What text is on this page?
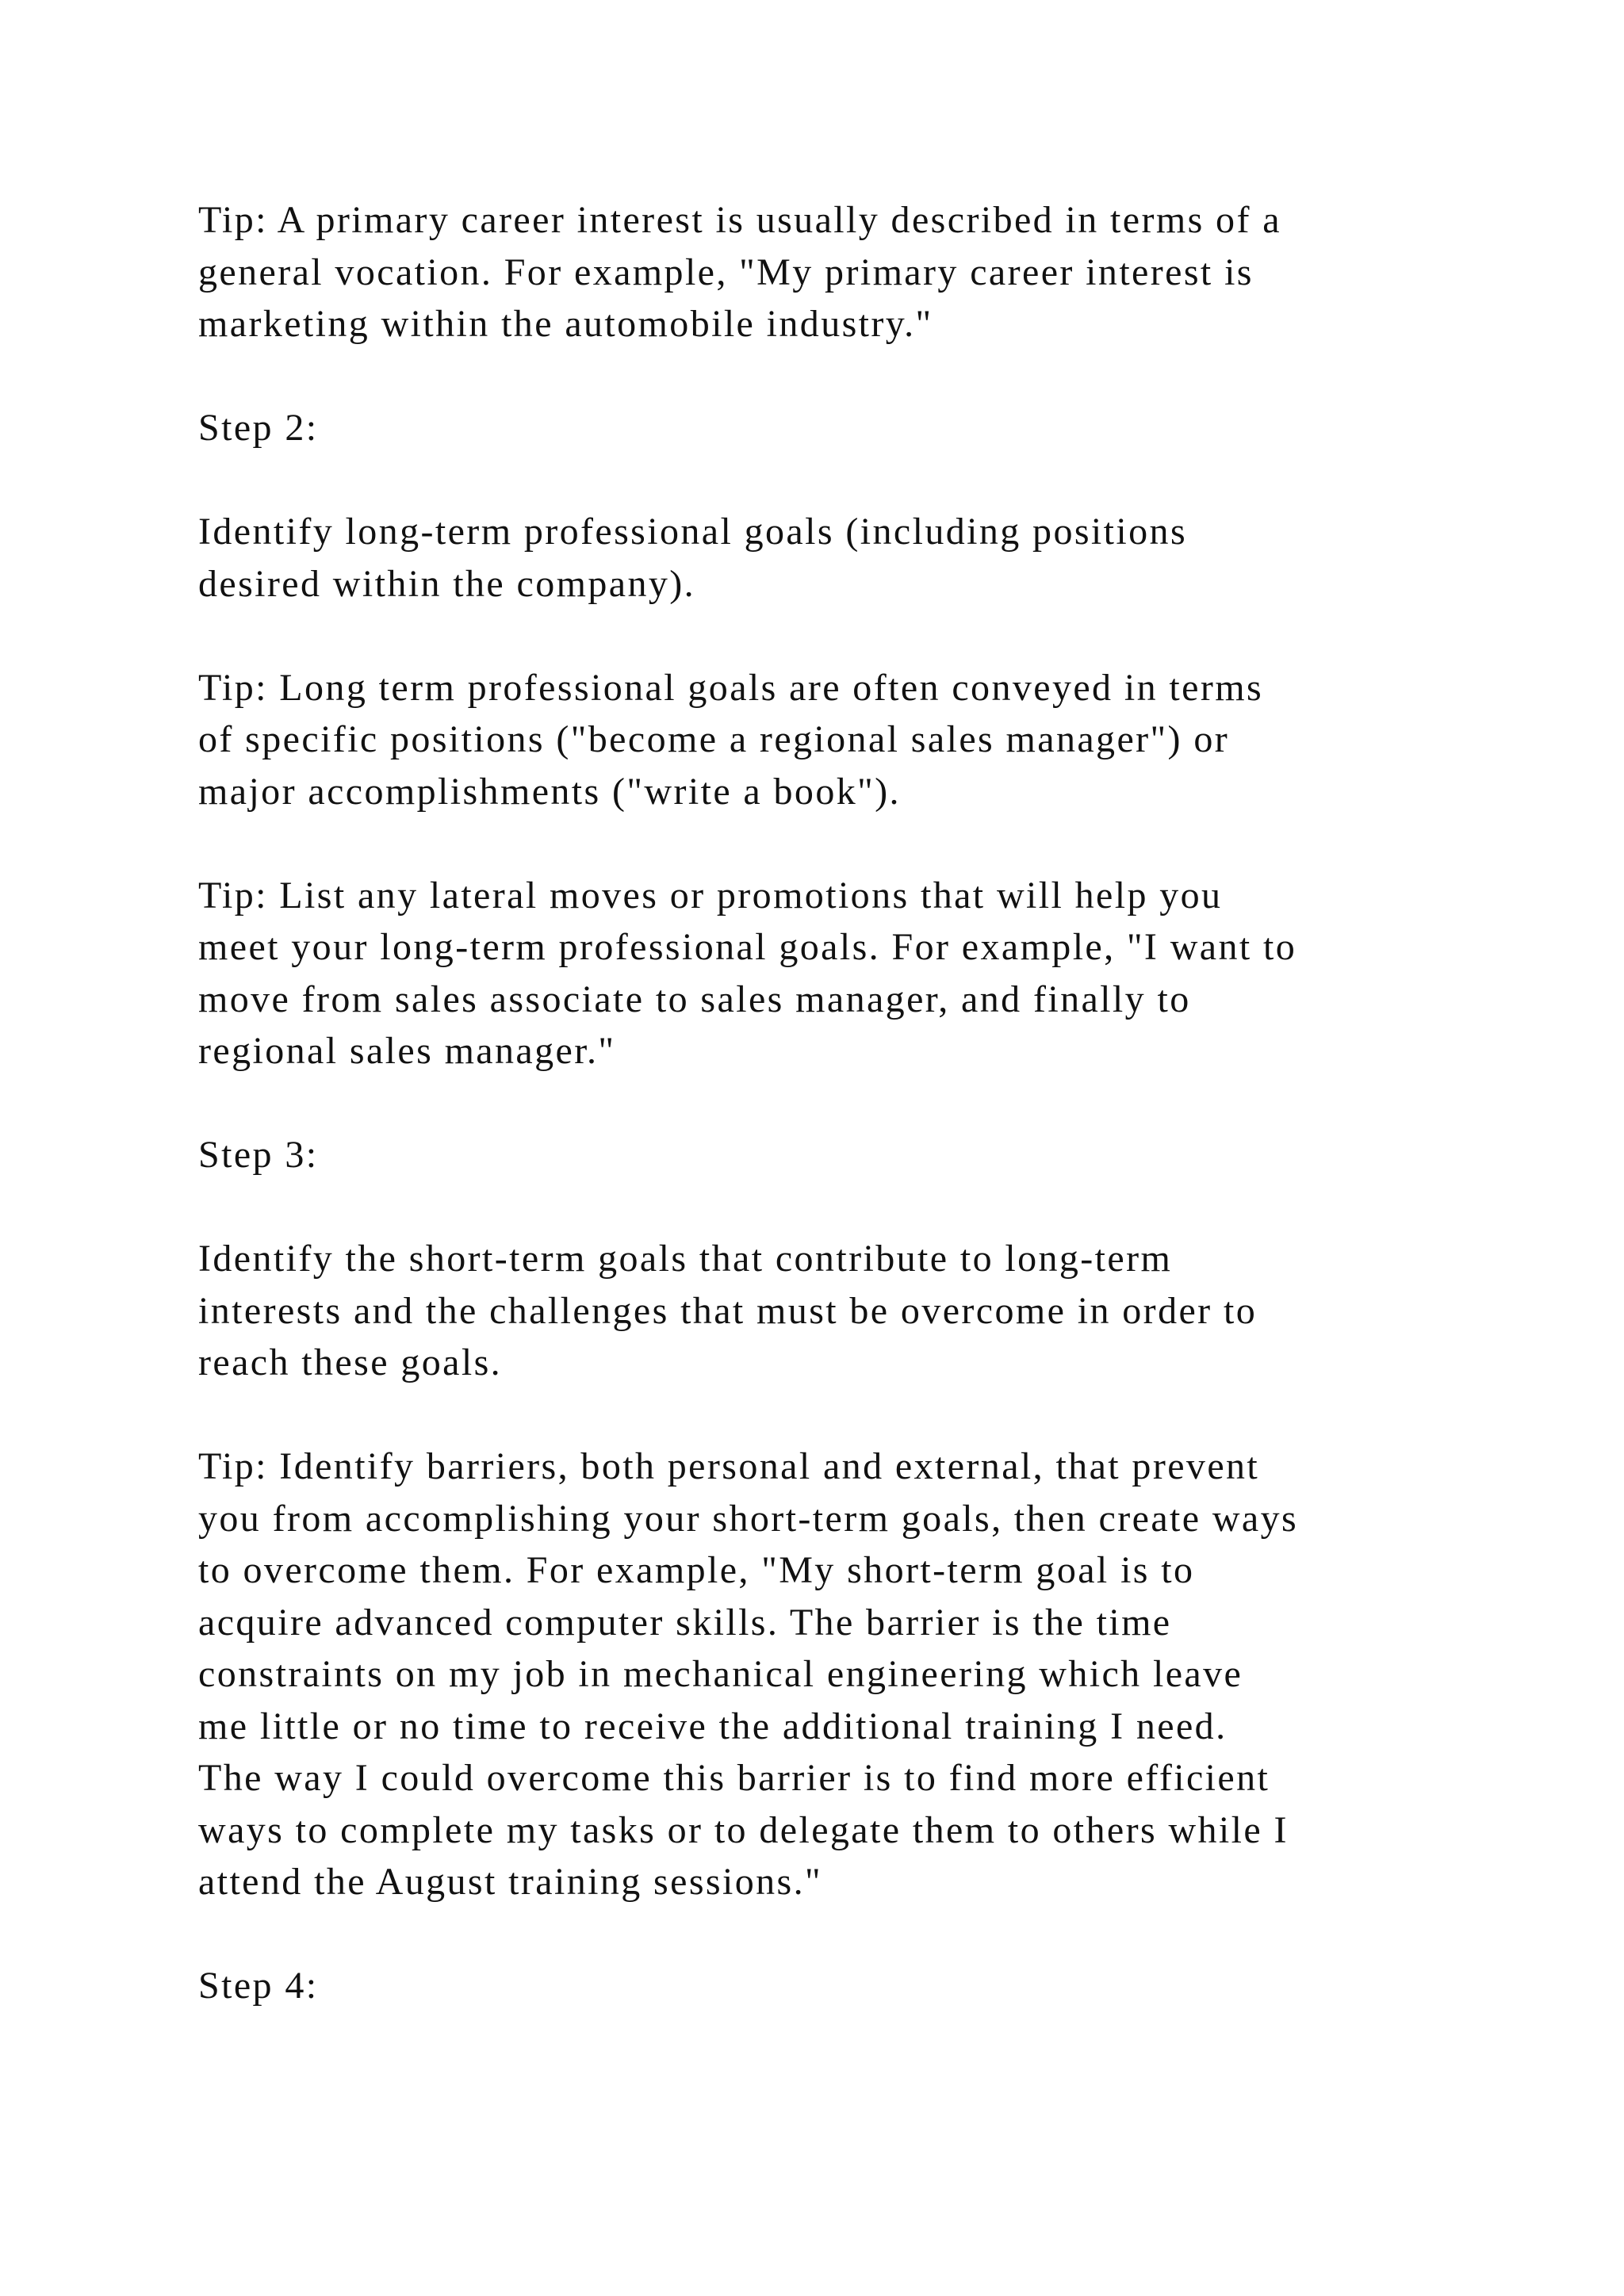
Tip: A primary career interest is usually described in terms of a
general vocation. For example, "My primary career interest is
marketing within the automobile industry."

Step 2:

Identify long-term professional goals (including positions
desired within the company).

Tip: Long term professional goals are often conveyed in terms
of specific positions ("become a regional sales manager") or
major accomplishments ("write a book").

Tip: List any lateral moves or promotions that will help you
meet your long-term professional goals. For example, "I want to
move from sales associate to sales manager, and finally to
regional sales manager."

Step 3:

Identify the short-term goals that contribute to long-term
interests and the challenges that must be overcome in order to
reach these goals.

Tip: Identify barriers, both personal and external, that prevent
you from accomplishing your short-term goals, then create ways
to overcome them. For example, "My short-term goal is to
acquire advanced computer skills. The barrier is the time
constraints on my job in mechanical engineering which leave
me little or no time to receive the additional training I need.
The way I could overcome this barrier is to find more efficient
ways to complete my tasks or to delegate them to others while I
attend the August training sessions."

Step 4:
